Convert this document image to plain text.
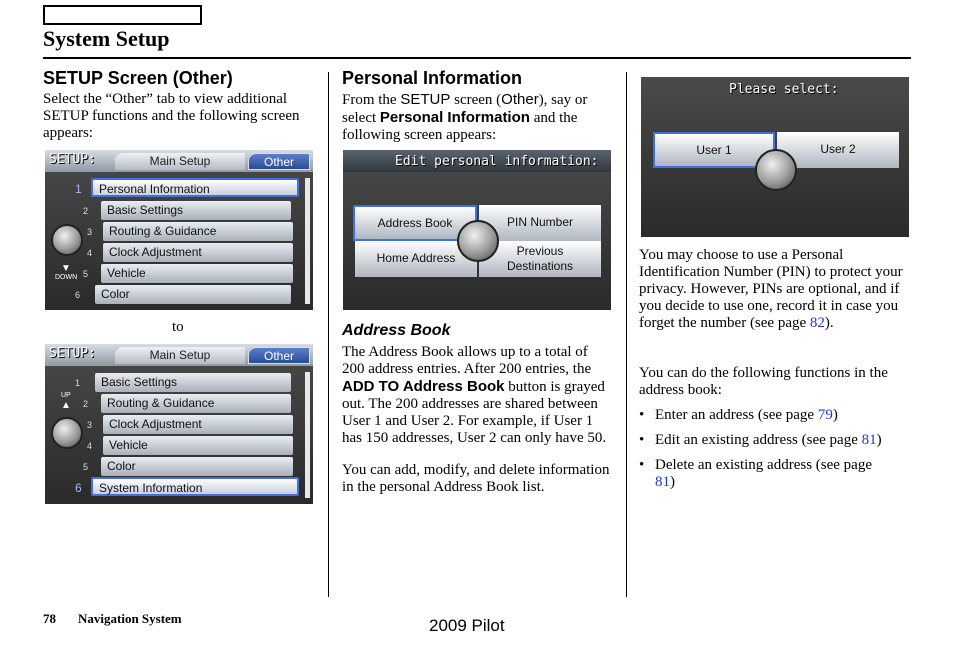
System Setup
SETUP Screen (Other)
Select the “Other” tab to view additional SETUP functions and the following screen appears:
SETUP:	Main Setup	Other
Personal Information
Basic Settings
Routing & Guidance
Clock Adjustment
Vehicle
Color
1
2
3
4
5
6
▼
DOWN
to
SETUP:	Main Setup	Other
Basic Settings
Routing & Guidance
Clock Adjustment
Vehicle
Color
System Information
1
2
3
4
5
6
UP
▲
Personal Information
From the SETUP screen (Other), say or select Personal Information and the following screen appears:
Edit personal information:
Address Book	PIN Number
Home Address	Previous Destinations
Address Book
The Address Book allows up to a total of 200 address entries. After 200 entries, the ADD TO Address Book button is grayed out. The 200 addresses are shared between User 1 and User 2. For example, if User 1 has 150 addresses, User 2 can only have 50.
You can add, modify, and delete information in the personal Address Book list.
Please select:
User 1	User 2
You may choose to use a Personal Identification Number (PIN) to protect your privacy. However, PINs are optional, and if you decide to use one, record it in case you forget the number (see page 82).
You can do the following functions in the address book:
• Enter an address (see page 79)
• Edit an existing address (see page 81)
• Delete an existing address (see page 81)
78 Navigation System	2009 Pilot
